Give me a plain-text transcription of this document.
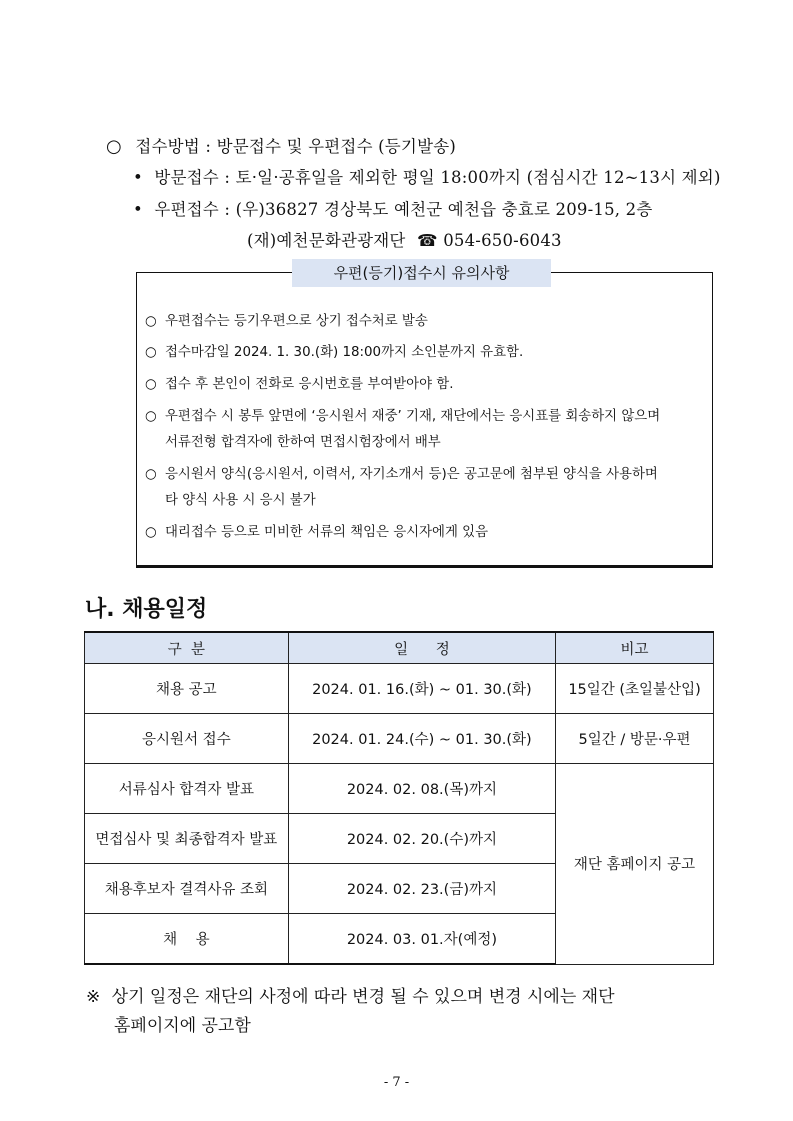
○ 접수방법 : 방문접수 및 우편접수 (등기발송)
• 방문접수 : 토·일·공휴일을 제외한 평일 18:00까지 (점심시간 12~13시 제외)
• 우편접수 : (우)36827 경상북도 예천군 예천읍 충효로 209-15, 2층
(재)예천문화관광재단 ☎ 054-650-6043
우편(등기)접수시 유의사항
○ 우편접수는 등기우편으로 상기 접수처로 발송
○ 접수마감일 2024. 1. 30.(화) 18:00까지 소인분까지 유효함.
○ 접수 후 본인이 전화로 응시번호를 부여받아야 함.
○ 우편접수 시 봉투 앞면에 ‘응시원서 재중’ 기재, 재단에서는 응시표를 회송하지 않으며
서류전형 합격자에 한하여 면접시험장에서 배부
○ 응시원서 양식(응시원서, 이력서, 자기소개서 등)은 공고문에 첨부된 양식을 사용하며
타 양식 사용 시 응시 불가
○ 대리접수 등으로 미비한 서류의 책임은 응시자에게 있음
나. 채용일정
구  분	일      정	비고
채용 공고	2024. 01. 16.(화) ~ 01. 30.(화)	15일간 (초일불산입)
응시원서 접수	2024. 01. 24.(수) ~ 01. 30.(화)	5일간 / 방문·우편
서류심사 합격자 발표	2024. 02. 08.(목)까지	재단 홈페이지 공고
면접심사 및 최종합격자 발표	2024. 02. 20.(수)까지	
채용후보자 결격사유 조회	2024. 02. 23.(금)까지	
채    용	2024. 03. 01.자(예정)	
※ 상기 일정은 재단의 사정에 따라 변경 될 수 있으며 변경 시에는 재단
홈페이지에 공고함
- 7 -
